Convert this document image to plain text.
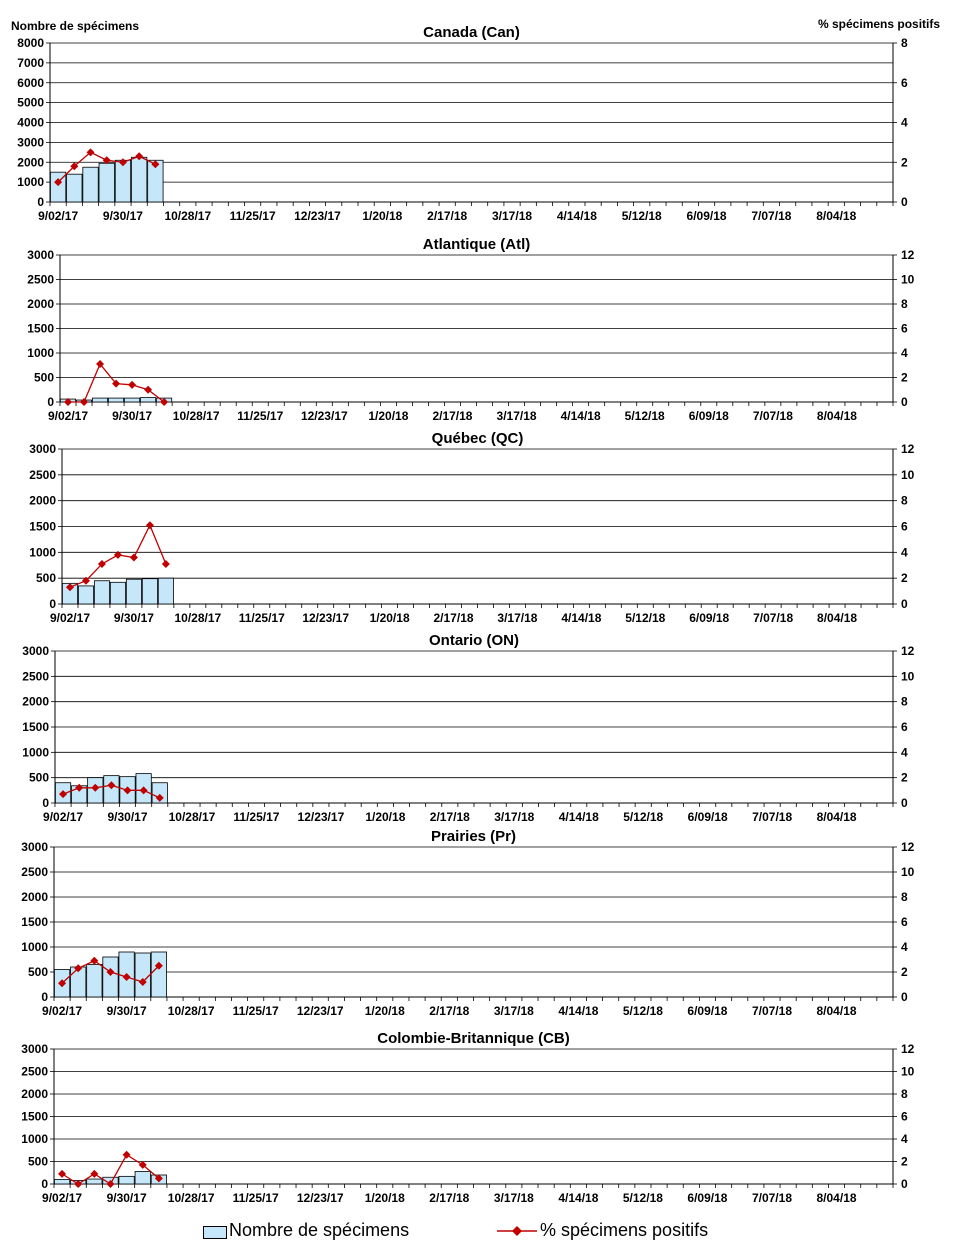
Canada (Can)
0
1000
2000
3000
4000
5000
6000
7000
8000
0
2
4
6
8
9/02/17 9/30/17 10/28/17 11/25/17 12/23/17 1/20/18 2/17/18 3/17/18 4/14/18 5/12/18 6/09/18 7/07/18 8/04/18
Atlantique (Atl)
0
500
1000
1500
2000
2500
3000
0
2
4
6
8
10
12
9/02/17 9/30/17 10/28/17 11/25/17 12/23/17 1/20/18 2/17/18 3/17/18 4/14/18 5/12/18 6/09/18 7/07/18 8/04/18
Québec (QC)
0
500
1000
1500
2000
2500
3000
0
2
4
6
8
10
12
9/02/17 9/30/17 10/28/17 11/25/17 12/23/17 1/20/18 2/17/18 3/17/18 4/14/18 5/12/18 6/09/18 7/07/18 8/04/18
Ontario (ON)
0
500
1000
1500
2000
2500
3000
0
2
4
6
8
10
12
9/02/17 9/30/17 10/28/17 11/25/17 12/23/17 1/20/18 2/17/18 3/17/18 4/14/18 5/12/18 6/09/18 7/07/18 8/04/18
Prairies (Pr)
0
500
1000
1500
2000
2500
3000
0
2
4
6
8
10
12
9/02/17 9/30/17 10/28/17 11/25/17 12/23/17 1/20/18 2/17/18 3/17/18 4/14/18 5/12/18 6/09/18 7/07/18 8/04/18
Colombie-Britannique (CB)
0
500
1000
1500
2000
2500
3000
0
2
4
6
8
10
12
9/02/17 9/30/17 10/28/17 11/25/17 12/23/17 1/20/18 2/17/18 3/17/18 4/14/18 5/12/18 6/09/18 7/07/18 8/04/18
Nombre de spécimens	% spécimens positifs
Nombre de spécimens	% spécimens positifs
